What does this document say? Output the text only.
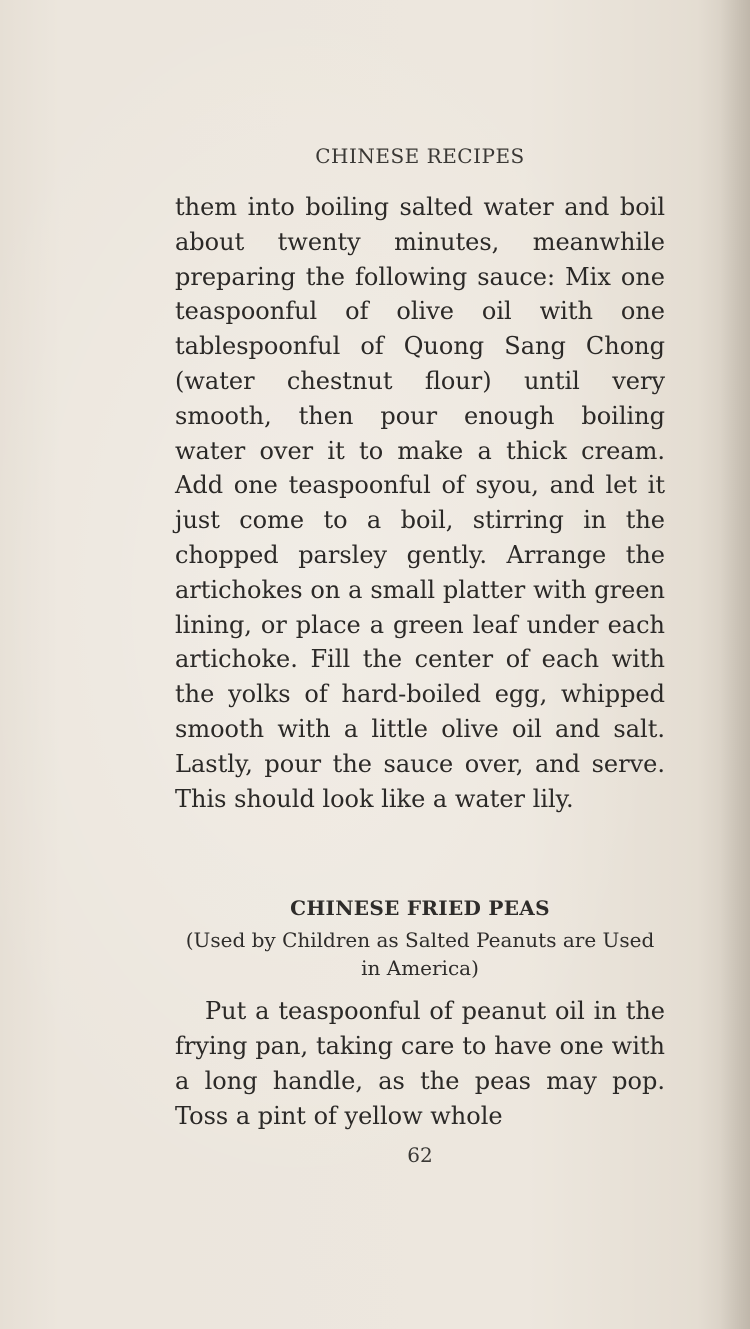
CHINESE RECIPES

them into boiling salted water and boil about twenty minutes, meanwhile preparing the following sauce: Mix one teaspoonful of olive oil with one tablespoonful of Quong Sang Chong (water chestnut flour) until very smooth, then pour enough boiling water over it to make a thick cream. Add one teaspoonful of syou, and let it just come to a boil, stirring in the chopped parsley gently. Arrange the artichokes on a small platter with green lining, or place a green leaf under each artichoke. Fill the center of each with the yolks of hard-boiled egg, whipped smooth with a little olive oil and salt. Lastly, pour the sauce over, and serve. This should look like a water lily.

CHINESE FRIED PEAS
(Used by Children as Salted Peanuts are Used in America)

Put a teaspoonful of peanut oil in the frying pan, taking care to have one with a long handle, as the peas may pop. Toss a pint of yellow whole

62
